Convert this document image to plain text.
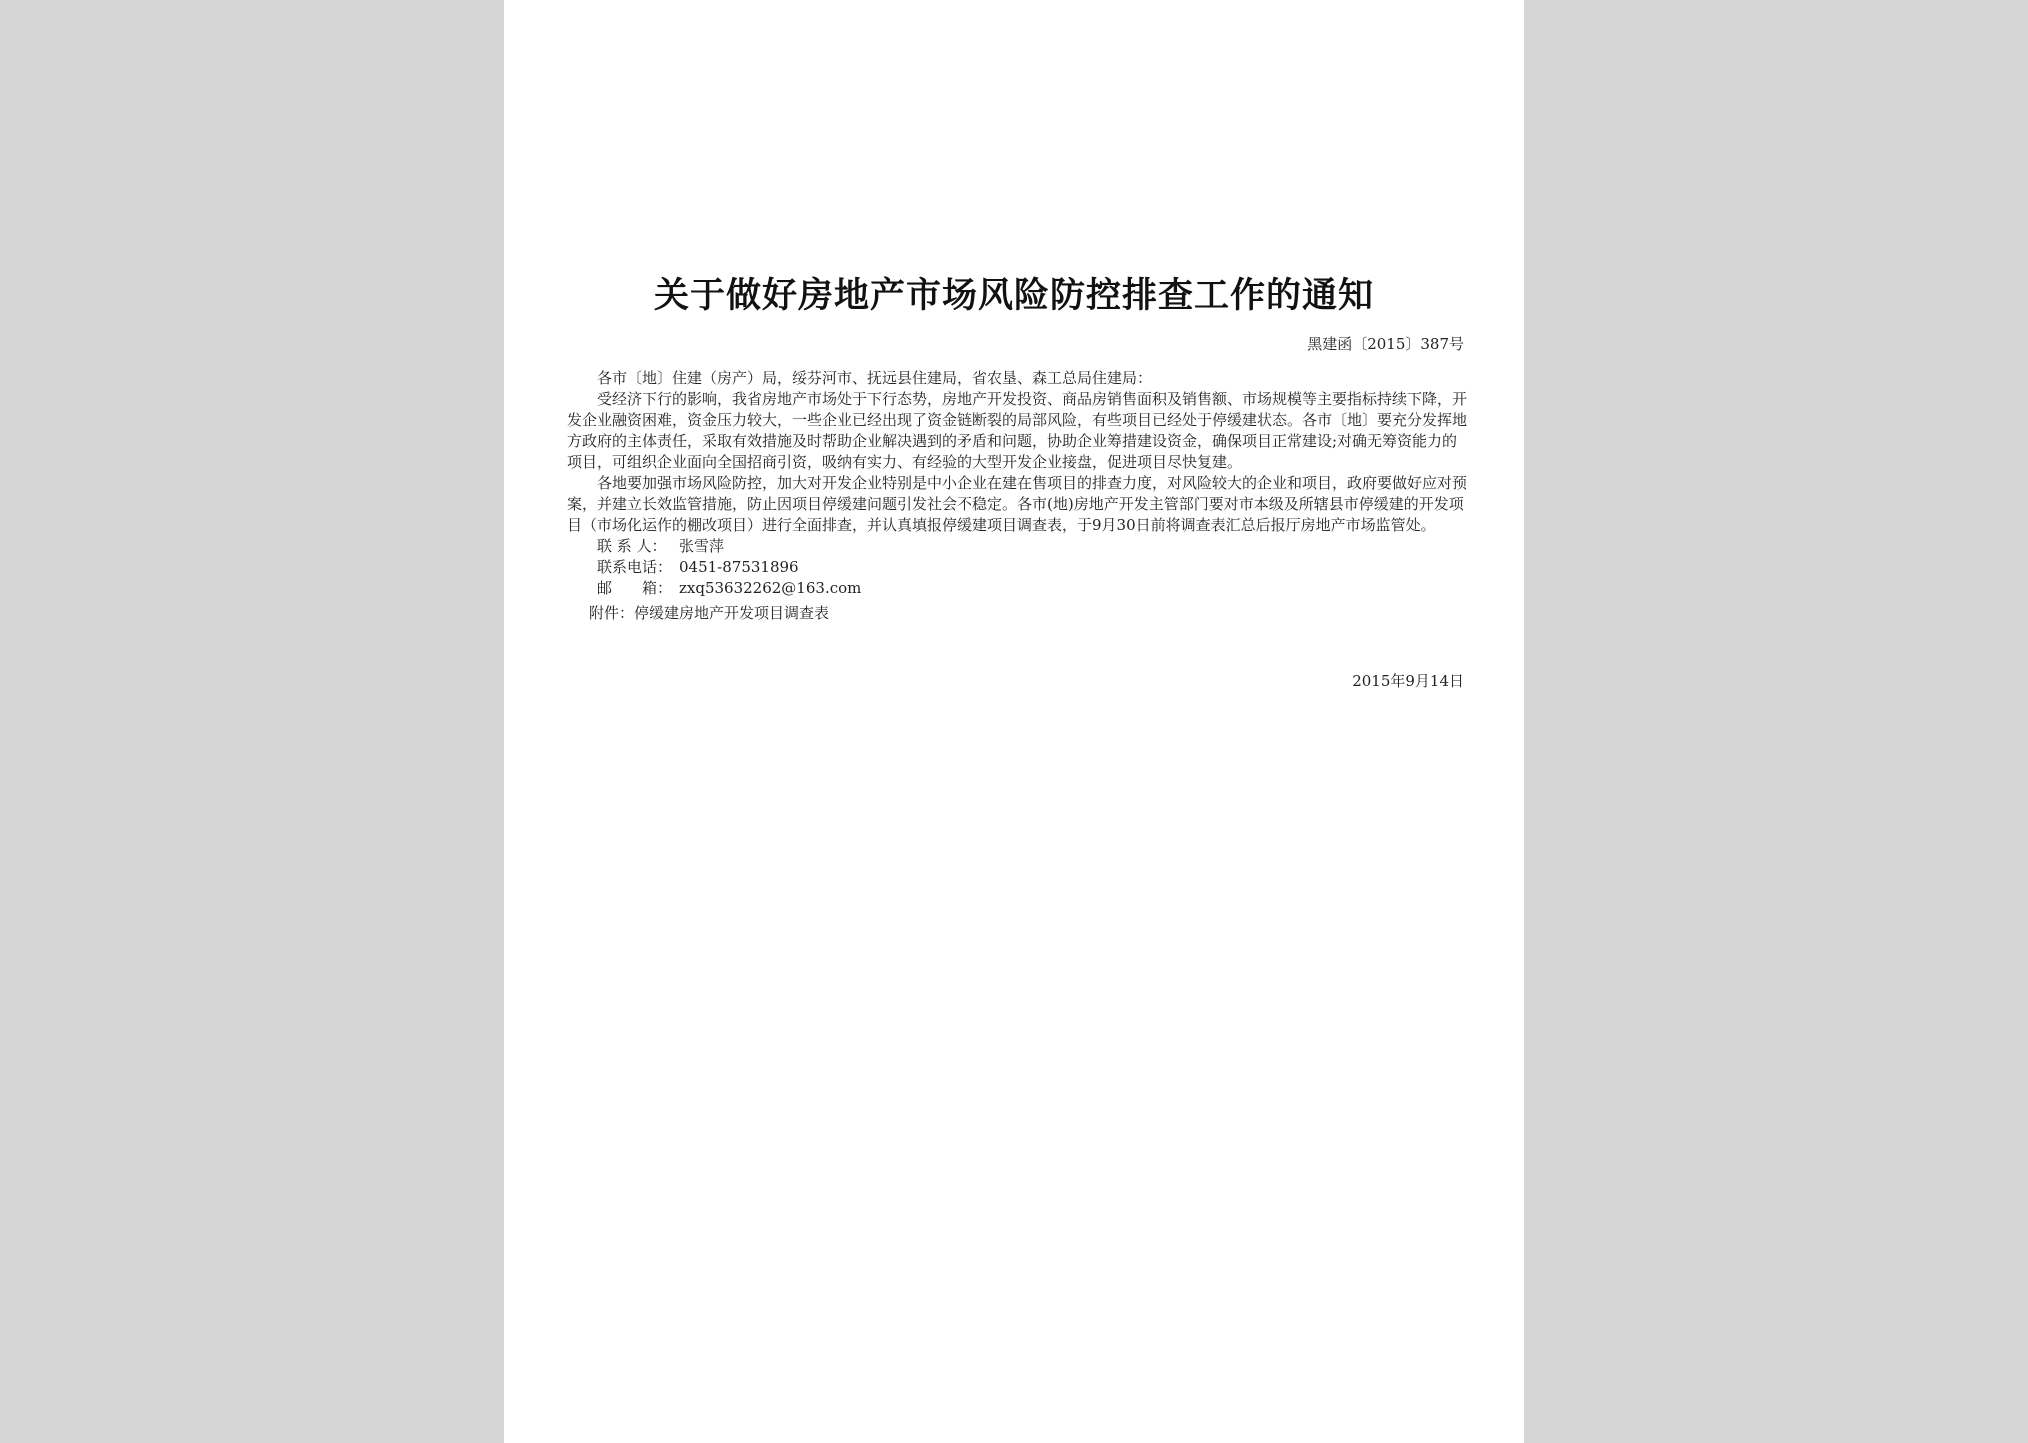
关于做好房地产市场风险防控排查工作的通知
黑建函〔2015〕387号

各市〔地〕住建（房产）局，绥芬河市、抚远县住建局，省农垦、森工总局住建局：

受经济下行的影响，我省房地产市场处于下行态势，房地产开发投资、商品房销售面积及销售额、市场规模等主要指标持续下降，开发企业融资困难，资金压力较大，一些企业已经出现了资金链断裂的局部风险，有些项目已经处于停缓建状态。各市〔地〕要充分发挥地方政府的主体责任，采取有效措施及时帮助企业解决遇到的矛盾和问题，协助企业筹措建设资金，确保项目正常建设;对确无筹资能力的项目，可组织企业面向全国招商引资，吸纳有实力、有经验的大型开发企业接盘，促进项目尽快复建。

各地要加强市场风险防控，加大对开发企业特别是中小企业在建在售项目的排查力度，对风险较大的企业和项目，政府要做好应对预案，并建立长效监管措施，防止因项目停缓建问题引发社会不稳定。各市(地)房地产开发主管部门要对市本级及所辖县市停缓建的开发项目（市场化运作的棚改项目）进行全面排查，并认真填报停缓建项目调查表，于9月30日前将调查表汇总后报厅房地产市场监管处。

联 系 人： 张雪萍

联系电话： 0451-87531896

邮　　箱： zxq53632262@163.com

附件：停缓建房地产开发项目调查表

2015年9月14日
